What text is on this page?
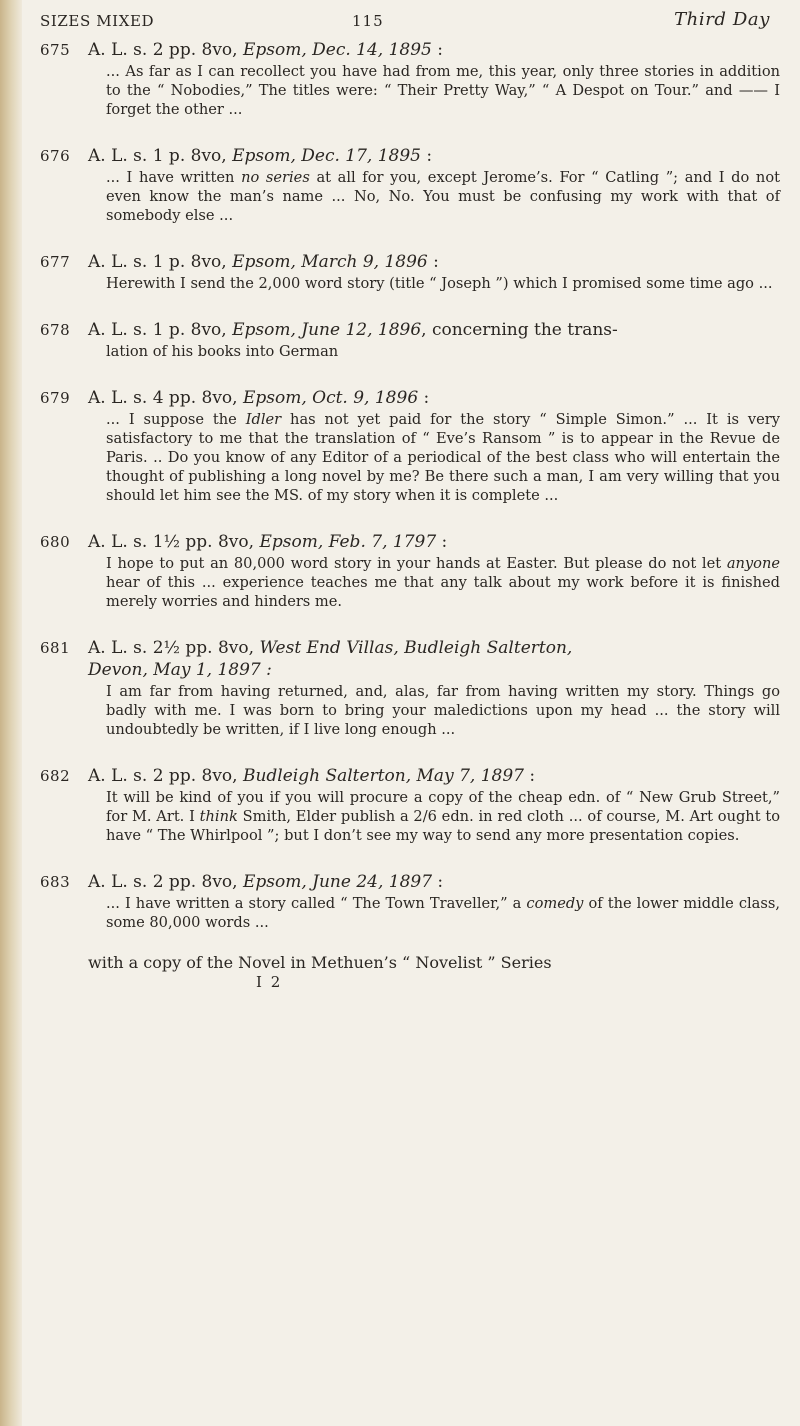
SIZES MIXED	115	Third Day
675 A. L. s. 2 pp. 8vo, Epsom, Dec. 14, 1895 :
... As far as I can recollect you have had from me, this year, only three stories in addition to the “ Nobodies,” The titles were: “ Their Pretty Way,” “ A Despot on Tour.” and —— I forget the other ...
676 A. L. s. 1 p. 8vo, Epsom, Dec. 17, 1895 :
... I have written no series at all for you, except Jerome’s. For “ Catling ”; and I do not even know the man’s name ... No, No. You must be confusing my work with that of somebody else ...
677 A. L. s. 1 p. 8vo, Epsom, March 9, 1896 :
Herewith I send the 2,000 word story (title “ Joseph ”) which I promised some time ago ...
678 A. L. s. 1 p. 8vo, Epsom, June 12, 1896, concerning the trans-
lation of his books into German
679 A. L. s. 4 pp. 8vo, Epsom, Oct. 9, 1896 :
... I suppose the Idler has not yet paid for the story “ Simple Simon.” ... It is very satisfactory to me that the translation of “ Eve’s Ransom ” is to appear in the Revue de Paris. .. Do you know of any Editor of a periodical of the best class who will entertain the thought of publishing a long novel by me? Be there such a man, I am very willing that you should let him see the MS. of my story when it is complete ...
680 A. L. s. 1½ pp. 8vo, Epsom, Feb. 7, 1797 :
I hope to put an 80,000 word story in your hands at Easter. But please do not let anyone hear of this ... experience teaches me that any talk about my work before it is finished merely worries and hinders me.
681 A. L. s. 2½ pp. 8vo, West End Villas, Budleigh Salterton,
Devon, May 1, 1897 :
I am far from having returned, and, alas, far from having written my story. Things go badly with me. I was born to bring your maledictions upon my head ... the story will undoubtedly be written, if I live long enough ...
682 A. L. s. 2 pp. 8vo, Budleigh Salterton, May 7, 1897 :
It will be kind of you if you will procure a copy of the cheap edn. of “ New Grub Street,” for M. Art. I think Smith, Elder publish a 2/6 edn. in red cloth ... of course, M. Art ought to have “ The Whirlpool ”; but I don’t see my way to send any more presentation copies.
683 A. L. s. 2 pp. 8vo, Epsom, June 24, 1897 :
... I have written a story called “ The Town Traveller,” a comedy of the lower middle class, some 80,000 words ...
with a copy of the Novel in Methuen’s “ Novelist ” Series
I 2
